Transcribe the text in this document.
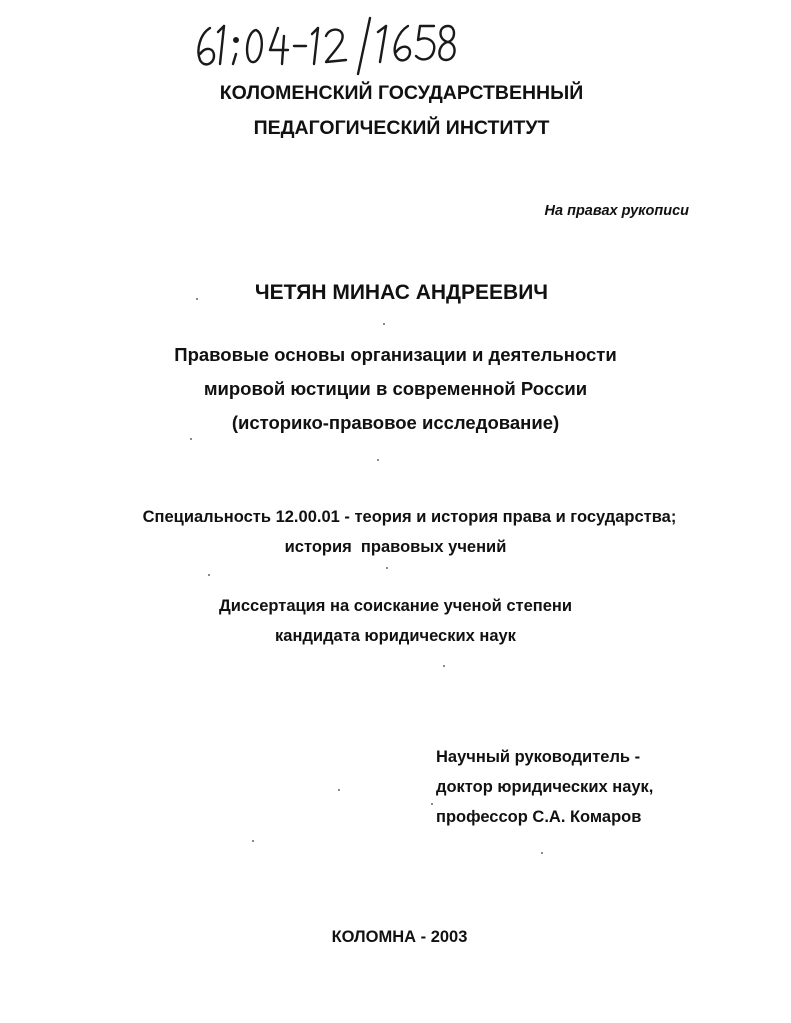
61:04-12/1658
КОЛОМЕНСКИЙ ГОСУДАРСТВЕННЫЙ
ПЕДАГОГИЧЕСКИЙ ИНСТИТУТ
На правах рукописи
ЧЕТЯН МИНАС АНДРЕЕВИЧ
Правовые основы организации и деятельности
мировой юстиции в современной России
(историко-правовое исследование)
Специальность 12.00.01 - теория и история права и государства;
история  правовых учений
Диссертация на соискание ученой степени
кандидата юридических наук
Научный руководитель -
доктор юридических наук,
профессор С.А. Комаров
КОЛОМНА - 2003
